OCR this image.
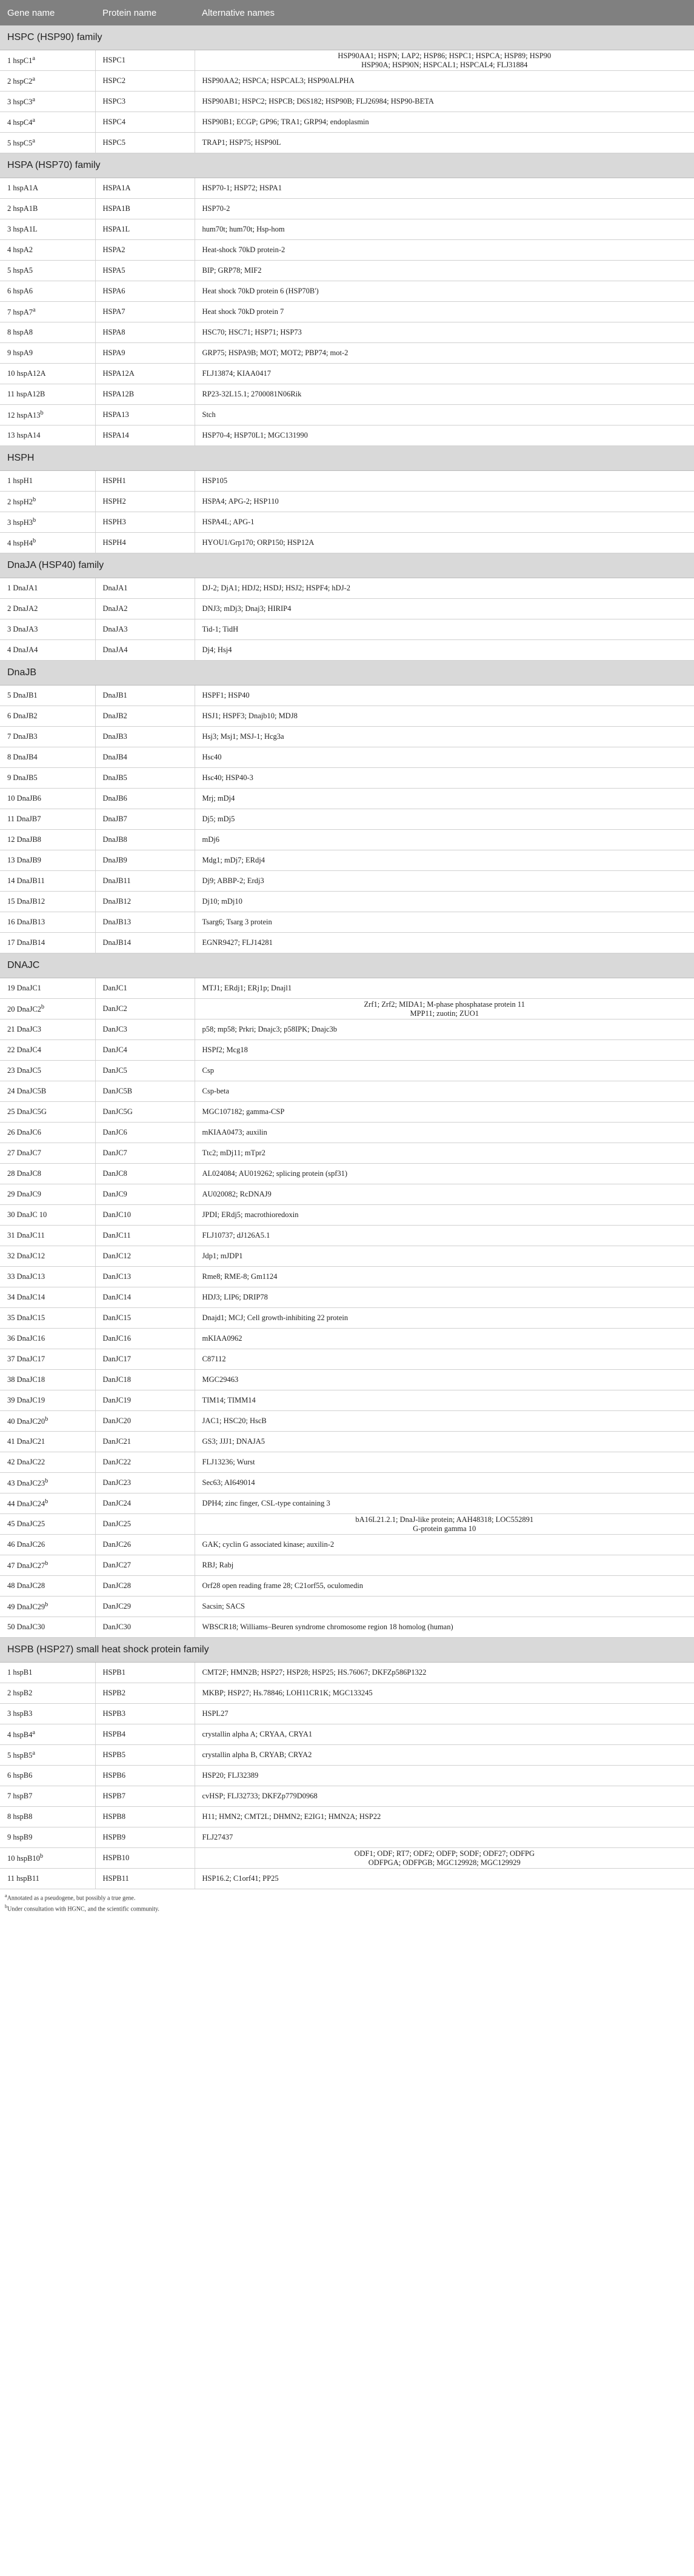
Gene name	Protein name	Alternative names
HSPC (HSP90) family		
1 hspC1$^a$	HSPC1	HSP90AA1; HSPN; LAP2; HSP86; HSPC1; HSPCA; HSP89; HSP90
HSP90A; HSP90N; HSPCAL1; HSPCAL4; FLJ31884
2 hspC2$^a$	HSPC2	HSP90AA2; HSPCA; HSPCAL3; HSP90ALPHA
3 hspC3$^a$	HSPC3	HSP90AB1; HSPC2; HSPCB; D6S182; HSP90B; FLJ26984; HSP90-BETA
4 hspC4$^a$	HSPC4	HSP90B1; ECGP; GP96; TRA1; GRP94; endoplasmin
5 hspC5$^a$	HSPC5	TRAP1; HSP75; HSP90L
HSPA (HSP70) family		
1 hspA1A	HSPA1A	HSP70-1; HSP72; HSPA1
2 hspA1B	HSPA1B	HSP70-2
3 hspA1L	HSPA1L	hum70t; hum70t; Hsp-hom
4 hspA2	HSPA2	Heat-shock 70kD protein-2
5 hspA5	HSPA5	BIP; GRP78; MIF2
6 hspA6	HSPA6	Heat shock 70kD protein 6 (HSP70B')
7 hspA7$^a$	HSPA7	Heat shock 70kD protein 7
8 hspA8	HSPA8	HSC70; HSC71; HSP71; HSP73
9 hspA9	HSPA9	GRP75; HSPA9B; MOT; MOT2; PBP74; mot-2
10 hspA12A	HSPA12A	FLJ13874; KIAA0417
11 hspA12B	HSPA12B	RP23-32L15.1; 2700081N06Rik
12 hspA13$^b$	HSPA13	Stch
13 hspA14	HSPA14	HSP70-4; HSP70L1; MGC131990
HSPH		
1 hspH1	HSPH1	HSP105
2 hspH2$^b$	HSPH2	HSPA4; APG-2; HSP110
3 hspH3$^b$	HSPH3	HSPA4L; APG-1
4 hspH4$^b$	HSPH4	HYOU1/Grp170; ORP150; HSP12A
DnaJA (HSP40) family		
1 DnaJA1	DnaJA1	DJ-2; DjA1; HDJ2; HSDJ; HSJ2; HSPF4; hDJ-2
2 DnaJA2	DnaJA2	DNJ3; mDj3; Dnaj3; HIRIP4
3 DnaJA3	DnaJA3	Tid-1; TidH
4 DnaJA4	DnaJA4	Dj4; Hsj4
DnaJB		
5 DnaJB1	DnaJB1	HSPF1; HSP40
6 DnaJB2	DnaJB2	HSJ1; HSPF3; Dnajb10; MDJ8
7 DnaJB3	DnaJB3	Hsj3; Msj1; MSJ-1; Hcg3a
8 DnaJB4	DnaJB4	Hsc40
9 DnaJB5	DnaJB5	Hsc40; HSP40-3
10 DnaJB6	DnaJB6	Mrj; mDj4
11 DnaJB7	DnaJB7	Dj5; mDj5
12 DnaJB8	DnaJB8	mDj6
13 DnaJB9	DnaJB9	Mdg1; mDj7; ERdj4
14 DnaJB11	DnaJB11	Dj9; ABBP-2; Erdj3
15 DnaJB12	DnaJB12	Dj10; mDj10
16 DnaJB13	DnaJB13	Tsarg6; Tsarg 3 protein
17 DnaJB14	DnaJB14	EGNR9427; FLJ14281
DNAJC		
19 DnaJC1	DanJC1	MTJ1; ERdj1; ERj1p; Dnajl1
20 DnaJC2$^b$	DanJC2	Zrf1; Zrf2; MIDA1; M-phase phosphatase protein 11
MPP11; zuotin; ZUO1
21 DnaJC3	DanJC3	p58; mp58; Prkri; Dnajc3; p58IPK; Dnajc3b
22 DnaJC4	DanJC4	HSPf2; Mcg18
23 DnaJC5	DanJC5	Csp
24 DnaJC5B	DanJC5B	Csp-beta
25 DnaJC5G	DanJC5G	MGC107182; gamma-CSP
26 DnaJC6	DanJC6	mKIAA0473; auxilin
27 DnaJC7	DanJC7	Ttc2; mDj11; mTpr2
28 DnaJC8	DanJC8	AL024084; AU019262; splicing protein (spf31)
29 DnaJC9	DanJC9	AU020082; RcDNAJ9
30 DnaJC 10	DanJC10	JPDI; ERdj5; macrothioredoxin
31 DnaJC11	DanJC11	FLJ10737; dJ126A5.1
32 DnaJC12	DanJC12	Jdp1; mJDP1
33 DnaJC13	DanJC13	Rme8; RME-8; Gm1124
34 DnaJC14	DanJC14	HDJ3; LIP6; DRIP78
35 DnaJC15	DanJC15	Dnajd1; MCJ; Cell growth-inhibiting 22 protein
36 DnaJC16	DanJC16	mKIAA0962
37 DnaJC17	DanJC17	C87112
38 DnaJC18	DanJC18	MGC29463
39 DnaJC19	DanJC19	TIM14; TIMM14
40 DnaJC20$^b$	DanJC20	JAC1; HSC20; HscB
41 DnaJC21	DanJC21	GS3; JJJ1; DNAJA5
42 DnaJC22	DanJC22	FLJ13236; Wurst
43 DnaJC23$^b$	DanJC23	Sec63; AI649014
44 DnaJC24$^b$	DanJC24	DPH4; zinc finger, CSL-type containing 3
45 DnaJC25	DanJC25	bA16L21.2.1; DnaJ-like protein; AAH48318; LOC552891
G-protein gamma 10
46 DnaJC26	DanJC26	GAK; cyclin G associated kinase; auxilin-2
47 DnaJC27$^b$	DanJC27	RBJ; Rabj
48 DnaJC28	DanJC28	Orf28 open reading frame 28; C21orf55, oculomedin
49 DnaJC29$^b$	DanJC29	Sacsin; SACS
50 DnaJC30	DanJC30	WBSCR18; Williams–Beuren syndrome chromosome region 18 homolog (human)
HSPB (HSP27) small heat shock protein family		
1 hspB1	HSPB1	CMT2F; HMN2B; HSP27; HSP28; HSP25; HS.76067; DKFZp586P1322
2 hspB2	HSPB2	MKBP; HSP27; Hs.78846; LOH11CR1K; MGC133245
3 hspB3	HSPB3	HSPL27
4 hspB4$^a$	HSPB4	crystallin alpha A; CRYAA, CRYA1
5 hspB5$^a$	HSPB5	crystallin alpha B, CRYAB; CRYA2
6 hspB6	HSPB6	HSP20; FLJ32389
7 hspB7	HSPB7	cvHSP; FLJ32733; DKFZp779D0968
8 hspB8	HSPB8	H11; HMN2; CMT2L; DHMN2; E2IG1; HMN2A; HSP22
9 hspB9	HSPB9	FLJ27437
10 hspB10$^b$	HSPB10	ODF1; ODF; RT7; ODF2; ODFP; SODF; ODF27; ODFPG
ODFPGA; ODFPGB; MGC129928; MGC129929
11 hspB11	HSPB11	HSP16.2; C1orf41; PP25
$^a$Annotated as a pseudogene, but possibly a true gene.
$^b$Under consultation with HGNC, and the scientific community.
